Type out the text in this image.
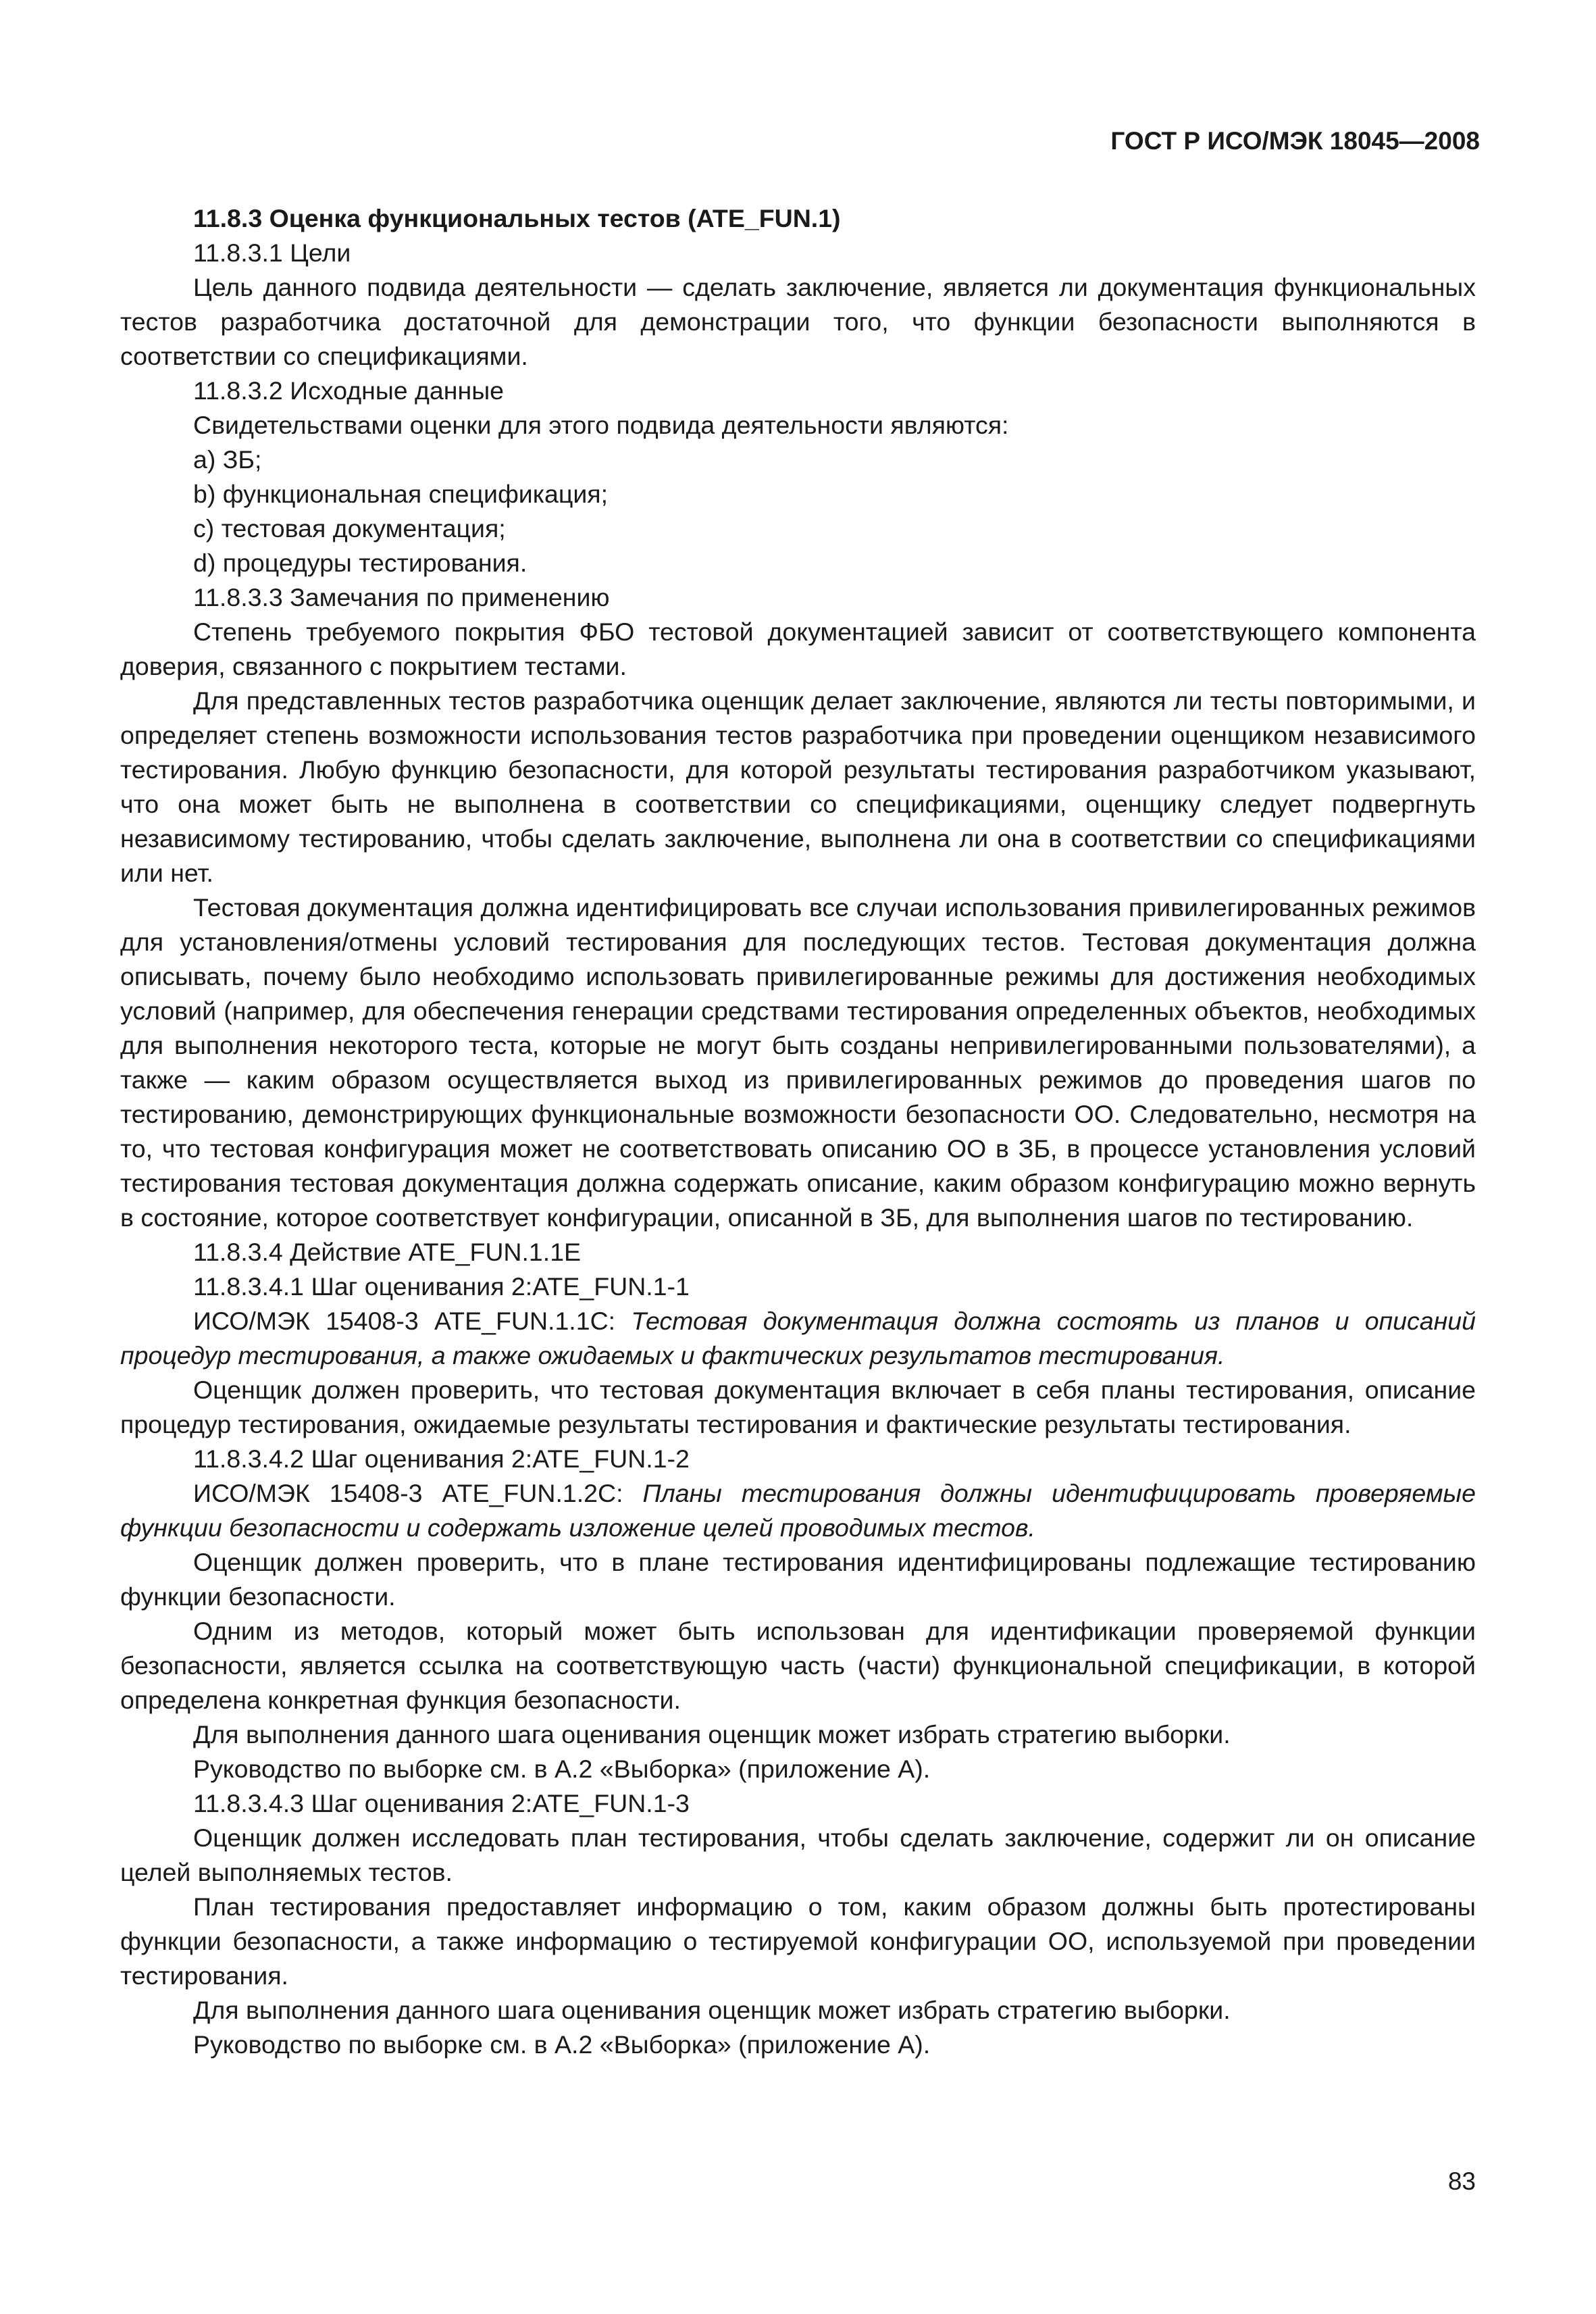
ГОСТ Р ИСО/МЭК 18045—2008

11.8.3 Оценка функциональных тестов (ATE_FUN.1)

11.8.3.1 Цели

Цель данного подвида деятельности — сделать заключение, является ли документация функциональных тестов разработчика достаточной для демонстрации того, что функции безопасности выполняются в соответствии со спецификациями.

11.8.3.2 Исходные данные

Свидетельствами оценки для этого подвида деятельности являются:

а) ЗБ;

b) функциональная спецификация;

c) тестовая документация;

d) процедуры тестирования.

11.8.3.3 Замечания по применению

Степень требуемого покрытия ФБО тестовой документацией зависит от соответствующего компонента доверия, связанного с покрытием тестами.

Для представленных тестов разработчика оценщик делает заключение, являются ли тесты повторимыми, и определяет степень возможности использования тестов разработчика при проведении оценщиком независимого тестирования. Любую функцию безопасности, для которой результаты тестирования разработчиком указывают, что она может быть не выполнена в соответствии со спецификациями, оценщику следует подвергнуть независимому тестированию, чтобы сделать заключение, выполнена ли она в соответствии со спецификациями или нет.

Тестовая документация должна идентифицировать все случаи использования привилегированных режимов для установления/отмены условий тестирования для последующих тестов. Тестовая документация должна описывать, почему было необходимо использовать привилегированные режимы для достижения необходимых условий (например, для обеспечения генерации средствами тестирования определенных объектов, необходимых для выполнения некоторого теста, которые не могут быть созданы непривилегированными пользователями), а также — каким образом осуществляется выход из привилегированных режимов до проведения шагов по тестированию, демонстрирующих функциональные возможности безопасности ОО. Следовательно, несмотря на то, что тестовая конфигурация может не соответствовать описанию ОО в ЗБ, в процессе установления условий тестирования тестовая документация должна содержать описание, каким образом конфигурацию можно вернуть в состояние, которое соответствует конфигурации, описанной в ЗБ, для выполнения шагов по тестированию.

11.8.3.4 Действие ATE_FUN.1.1E

11.8.3.4.1 Шаг оценивания 2:ATE_FUN.1-1

ИСО/МЭК 15408-3 ATE_FUN.1.1C: Тестовая документация должна состоять из планов и описаний процедур тестирования, а также ожидаемых и фактических результатов тестирования.

Оценщик должен проверить, что тестовая документация включает в себя планы тестирования, описание процедур тестирования, ожидаемые результаты тестирования и фактические результаты тестирования.

11.8.3.4.2 Шаг оценивания 2:ATE_FUN.1-2

ИСО/МЭК 15408-3 ATE_FUN.1.2C: Планы тестирования должны идентифицировать проверяемые функции безопасности и содержать изложение целей проводимых тестов.

Оценщик должен проверить, что в плане тестирования идентифицированы подлежащие тестированию функции безопасности.

Одним из методов, который может быть использован для идентификации проверяемой функции безопасности, является ссылка на соответствующую часть (части) функциональной спецификации, в которой определена конкретная функция безопасности.

Для выполнения данного шага оценивания оценщик может избрать стратегию выборки.

Руководство по выборке см. в А.2 «Выборка» (приложение А).

11.8.3.4.3 Шаг оценивания 2:ATE_FUN.1-3

Оценщик должен исследовать план тестирования, чтобы сделать заключение, содержит ли он описание целей выполняемых тестов.

План тестирования предоставляет информацию о том, каким образом должны быть протестированы функции безопасности, а также информацию о тестируемой конфигурации ОО, используемой при проведении тестирования.

Для выполнения данного шага оценивания оценщик может избрать стратегию выборки.

Руководство по выборке см. в А.2 «Выборка» (приложение А).

83
